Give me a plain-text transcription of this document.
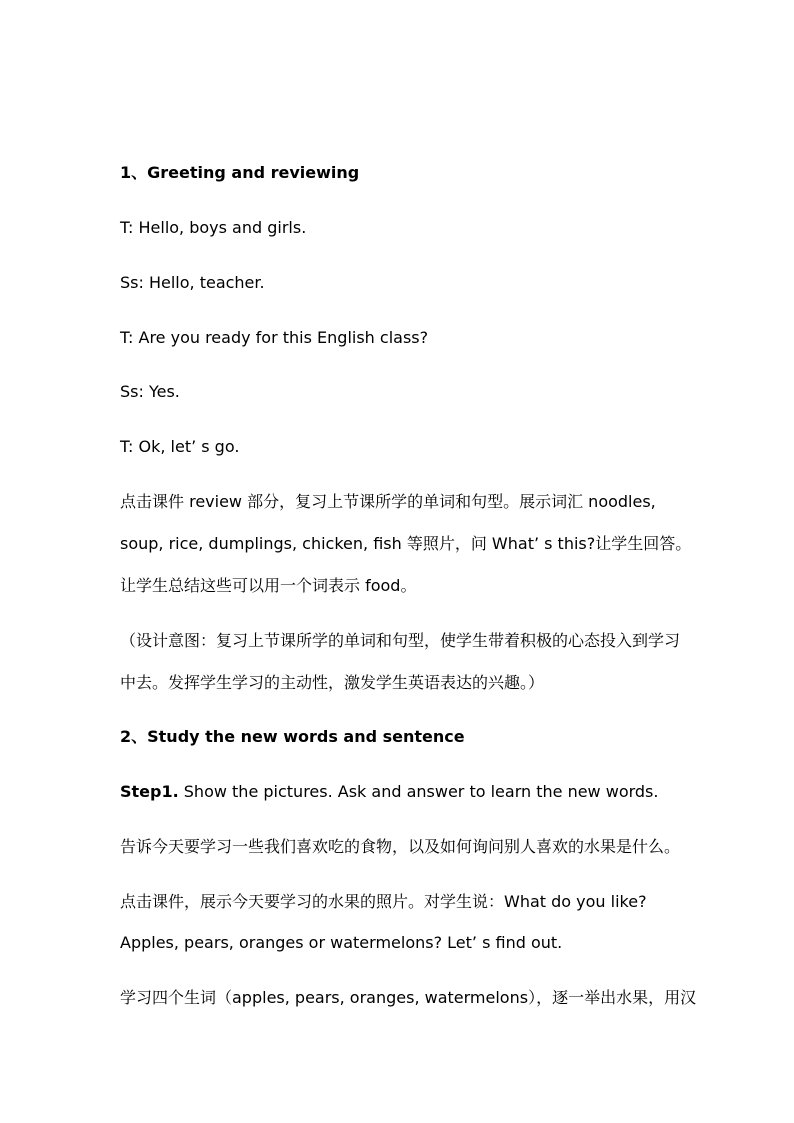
1、Greeting and reviewing
T: Hello, boys and girls.
Ss: Hello, teacher.
T: Are you ready for this English class?
Ss: Yes.
T: Ok, let’ s go.
点击课件 review 部分，复习上节课所学的单词和句型。展示词汇 noodles,
soup, rice, dumplings, chicken, fish 等照片，问 What’ s this?让学生回答。
让学生总结这些可以用一个词表示 food。
（设计意图：复习上节课所学的单词和句型，使学生带着积极的心态投入到学习
中去。发挥学生学习的主动性，激发学生英语表达的兴趣。）
2、Study the new words and sentence
Step1. Show the pictures. Ask and answer to learn the new words.
告诉今天要学习一些我们喜欢吃的食物，以及如何询问别人喜欢的水果是什么。
点击课件，展示今天要学习的水果的照片。对学生说：What do you like?
Apples, pears, oranges or watermelons? Let’ s find out.
学习四个生词（apples, pears, oranges, watermelons），逐一举出水果，用汉
